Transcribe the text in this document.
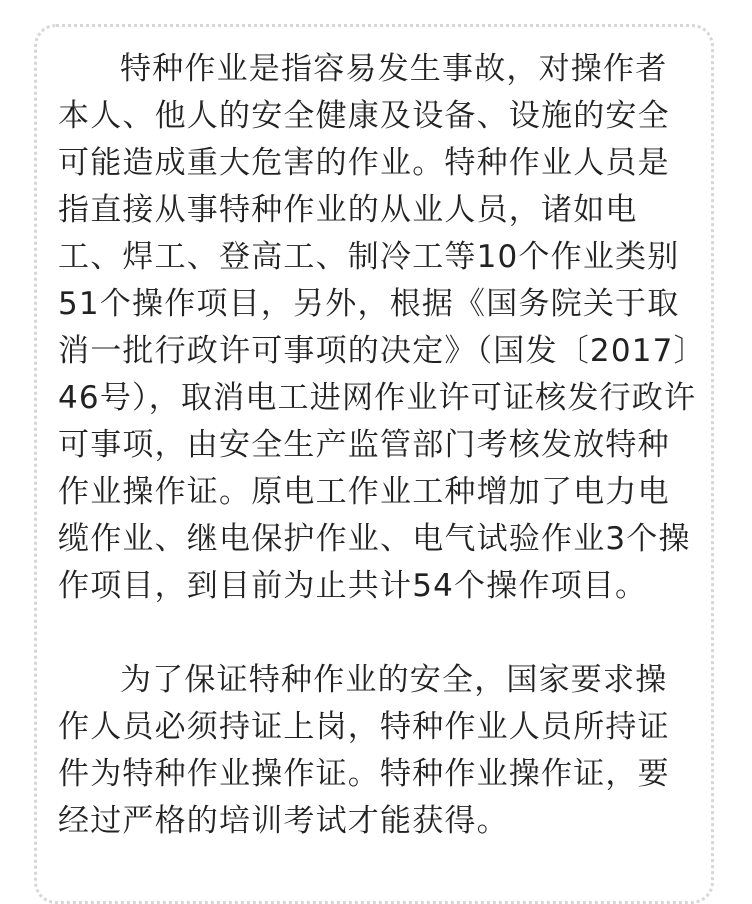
特种作业是指容易发生事故，对操作者本人、他人的安全健康及设备、设施的安全可能造成重大危害的作业。特种作业人员是指直接从事特种作业的从业人员，诸如电工、焊工、登高工、制冷工等10个作业类别51个操作项目，另外，根据《国务院关于取消一批行政许可事项的决定》（国发〔2017〕46号），取消电工进网作业许可证核发行政许可事项，由安全生产监管部门考核发放特种作业操作证。原电工作业工种增加了电力电缆作业、继电保护作业、电气试验作业3个操作项目，到目前为止共计54个操作项目。

为了保证特种作业的安全，国家要求操作人员必须持证上岗，特种作业人员所持证件为特种作业操作证。特种作业操作证，要经过严格的培训考试才能获得。
